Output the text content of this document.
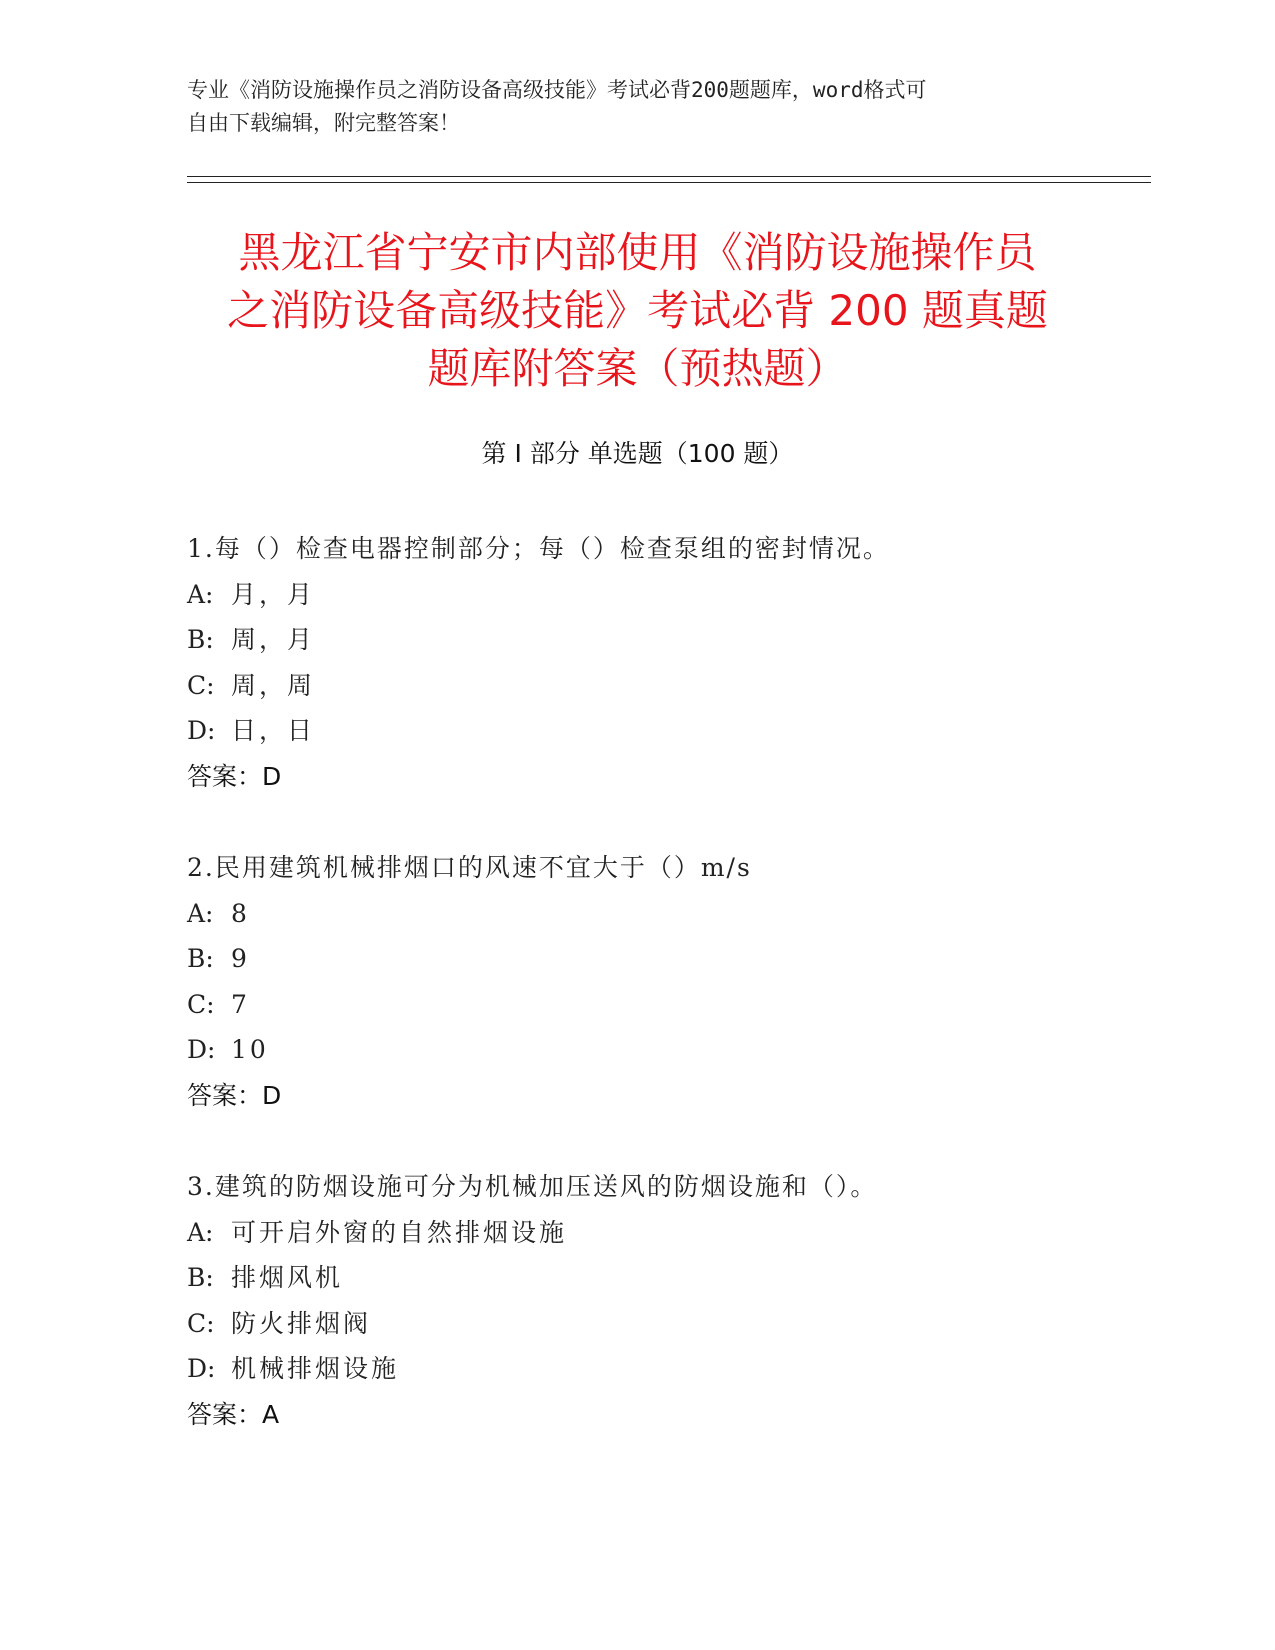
专业《消防设施操作员之消防设备高级技能》考试必背200题题库，word格式可
自由下载编辑，附完整答案！
黑龙江省宁安市内部使用《消防设施操作员
之消防设备高级技能》考试必背 200 题真题
题库附答案（预热题）
第 I 部分 单选题（100 题）
1.每（）检查电器控制部分；每（）检查泵组的密封情况。
A: 月，月
B: 周，月
C: 周，周
D: 日，日
答案：D
2.民用建筑机械排烟口的风速不宜大于（）m/s
A: 8
B: 9
C: 7
D: 10
答案：D
3.建筑的防烟设施可分为机械加压送风的防烟设施和（）。
A: 可开启外窗的自然排烟设施
B: 排烟风机
C: 防火排烟阀
D: 机械排烟设施
答案：A
